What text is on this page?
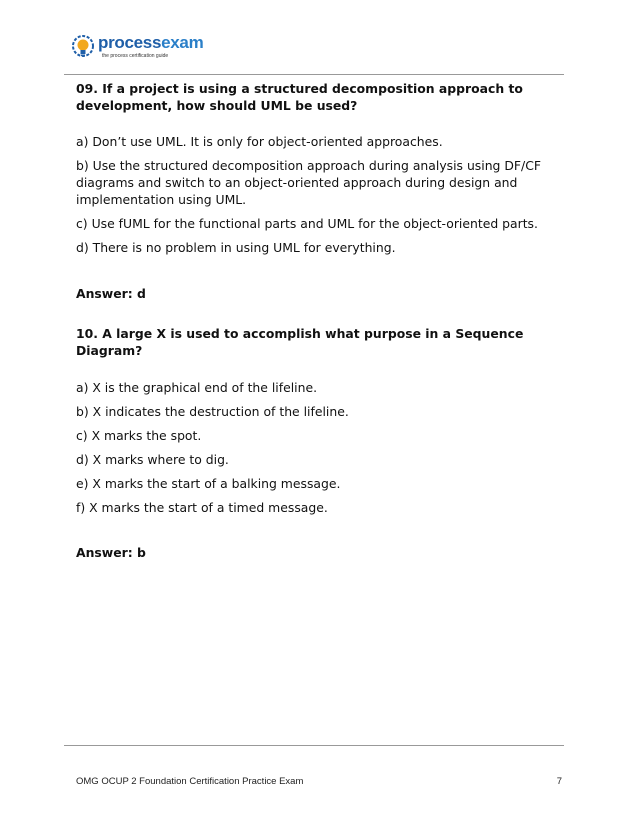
processexam
the process certification guide

09. If a project is using a structured decomposition approach to development, how should UML be used?

a) Don’t use UML. It is only for object-oriented approaches.

b) Use the structured decomposition approach during analysis using DF/CF diagrams and switch to an object-oriented approach during design and implementation using UML.

c) Use fUML for the functional parts and UML for the object-oriented parts.

d) There is no problem in using UML for everything.

Answer: d

10. A large X is used to accomplish what purpose in a Sequence Diagram?

a) X is the graphical end of the lifeline.

b) X indicates the destruction of the lifeline.

c) X marks the spot.

d) X marks where to dig.

e) X marks the start of a balking message.

f) X marks the start of a timed message.

Answer: b

OMG OCUP 2 Foundation Certification Practice Exam	7
